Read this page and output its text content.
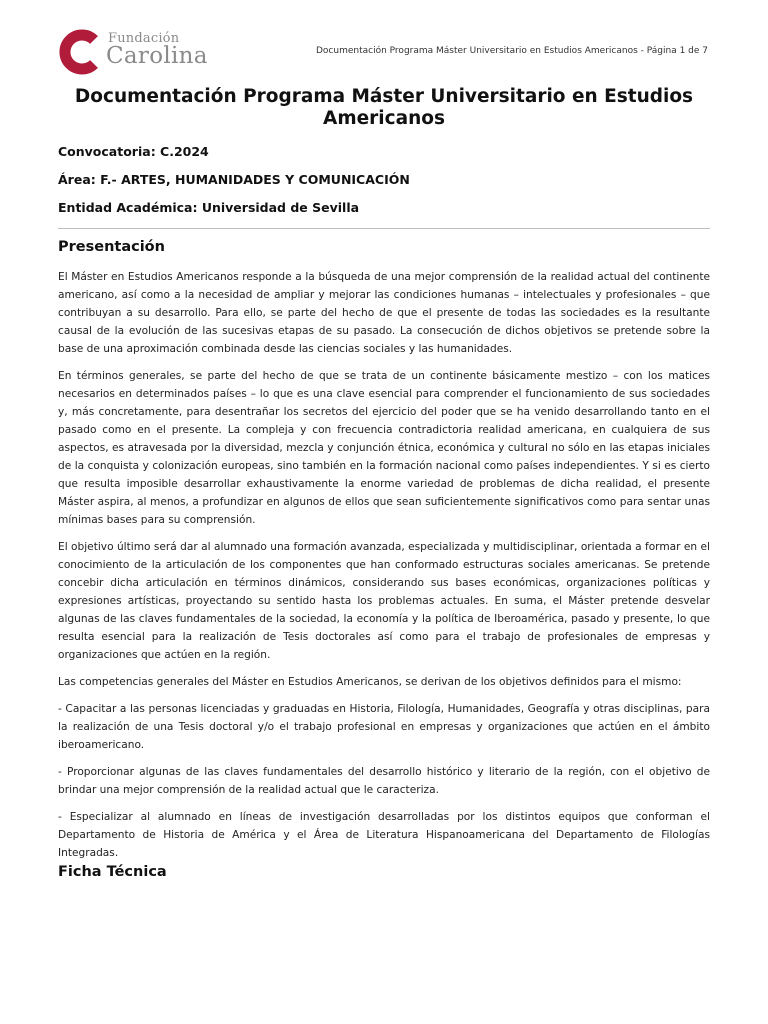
Fundación
Carolina	Documentación Programa Máster Universitario en Estudios Americanos - Página 1 de 7
Documentación Programa Máster Universitario en Estudios Americanos
Convocatoria: C.2024
Área: F.- ARTES, HUMANIDADES Y COMUNICACIÓN
Entidad Académica: Universidad de Sevilla
Presentación

El Máster en Estudios Americanos responde a la búsqueda de una mejor comprensión de la realidad actual del continente americano, así como a la necesidad de ampliar y mejorar las condiciones humanas – intelectuales y profesionales – que contribuyan a su desarrollo. Para ello, se parte del hecho de que el presente de todas las sociedades es la resultante causal de la evolución de las sucesivas etapas de su pasado. La consecución de dichos objetivos se pretende sobre la base de una aproximación combinada desde las ciencias sociales y las humanidades.

En términos generales, se parte del hecho de que se trata de un continente básicamente mestizo – con los matices necesarios en determinados países – lo que es una clave esencial para comprender el funcionamiento de sus sociedades y, más concretamente, para desentrañar los secretos del ejercicio del poder que se ha venido desarrollando tanto en el pasado como en el presente. La compleja y con frecuencia contradictoria realidad americana, en cualquiera de sus aspectos, es atravesada por la diversidad, mezcla y conjunción étnica, económica y cultural no sólo en las etapas iniciales de la conquista y colonización europeas, sino también en la formación nacional como países independientes. Y si es cierto que resulta imposible desarrollar exhaustivamente la enorme variedad de problemas de dicha realidad, el presente Máster aspira, al menos, a profundizar en algunos de ellos que sean suficientemente significativos como para sentar unas mínimas bases para su comprensión.

El objetivo último será dar al alumnado una formación avanzada, especializada y multidisciplinar, orientada a formar en el conocimiento de la articulación de los componentes que han conformado estructuras sociales americanas. Se pretende concebir dicha articulación en términos dinámicos, considerando sus bases económicas, organizaciones políticas y expresiones artísticas, proyectando su sentido hasta los problemas actuales. En suma, el Máster pretende desvelar algunas de las claves fundamentales de la sociedad, la economía y la política de Iberoamérica, pasado y presente, lo que resulta esencial para la realización de Tesis doctorales así como para el trabajo de profesionales de empresas y organizaciones que actúen en la región.

Las competencias generales del Máster en Estudios Americanos, se derivan de los objetivos definidos para el mismo:

- Capacitar a las personas licenciadas y graduadas en Historia, Filología, Humanidades, Geografía y otras disciplinas, para la realización de una Tesis doctoral y/o el trabajo profesional en empresas y organizaciones que actúen en el ámbito iberoamericano.

- Proporcionar algunas de las claves fundamentales del desarrollo histórico y literario de la región, con el objetivo de brindar una mejor comprensión de la realidad actual que le caracteriza.

- Especializar al alumnado en líneas de investigación desarrolladas por los distintos equipos que conforman el Departamento de Historia de América y el Área de Literatura Hispanoamericana del Departamento de Filologías Integradas.

Ficha Técnica
